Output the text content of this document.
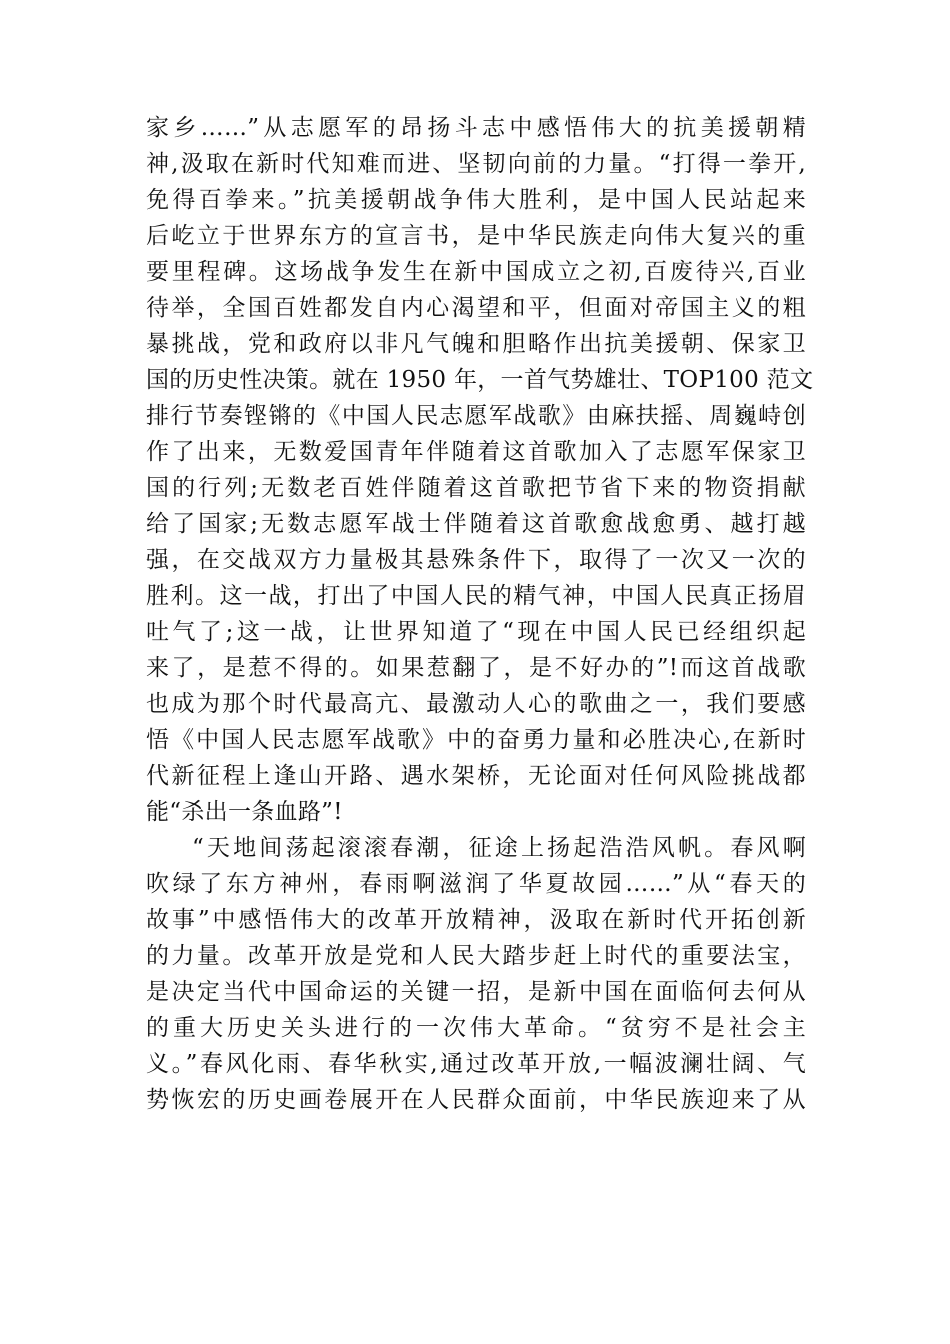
家乡……”从志愿军的昂扬斗志中感悟伟大的抗美援朝精
神,汲取在新时代知难而进、坚韧向前的力量。“打得一拳开,
免得百拳来。”抗美援朝战争伟大胜利，是中国人民站起来
后屹立于世界东方的宣言书，是中华民族走向伟大复兴的重
要里程碑。这场战争发生在新中国成立之初,百废待兴,百业
待举，全国百姓都发自内心渴望和平，但面对帝国主义的粗
暴挑战，党和政府以非凡气魄和胆略作出抗美援朝、保家卫
国的历史性决策。就在 1950 年，一首气势雄壮、TOP100 范文
排行节奏铿锵的《中国人民志愿军战歌》由麻扶摇、周巍峙创
作了出来，无数爱国青年伴随着这首歌加入了志愿军保家卫
国的行列;无数老百姓伴随着这首歌把节省下来的物资捐献
给了国家;无数志愿军战士伴随着这首歌愈战愈勇、越打越
强，在交战双方力量极其悬殊条件下，取得了一次又一次的
胜利。这一战，打出了中国人民的精气神，中国人民真正扬眉
吐气了;这一战，让世界知道了“现在中国人民已经组织起
来了，是惹不得的。如果惹翻了，是不好办的”!而这首战歌
也成为那个时代最高亢、最激动人心的歌曲之一，我们要感
悟《中国人民志愿军战歌》中的奋勇力量和必胜决心,在新时
代新征程上逢山开路、遇水架桥，无论面对任何风险挑战都
能“杀出一条血路”!
“天地间荡起滚滚春潮，征途上扬起浩浩风帆。春风啊
吹绿了东方神州，春雨啊滋润了华夏故园……”从“春天的
故事”中感悟伟大的改革开放精神，汲取在新时代开拓创新
的力量。改革开放是党和人民大踏步赶上时代的重要法宝，
是决定当代中国命运的关键一招，是新中国在面临何去何从
的重大历史关头进行的一次伟大革命。“贫穷不是社会主
义。”春风化雨、春华秋实,通过改革开放,一幅波澜壮阔、气
势恢宏的历史画卷展开在人民群众面前，中华民族迎来了从
